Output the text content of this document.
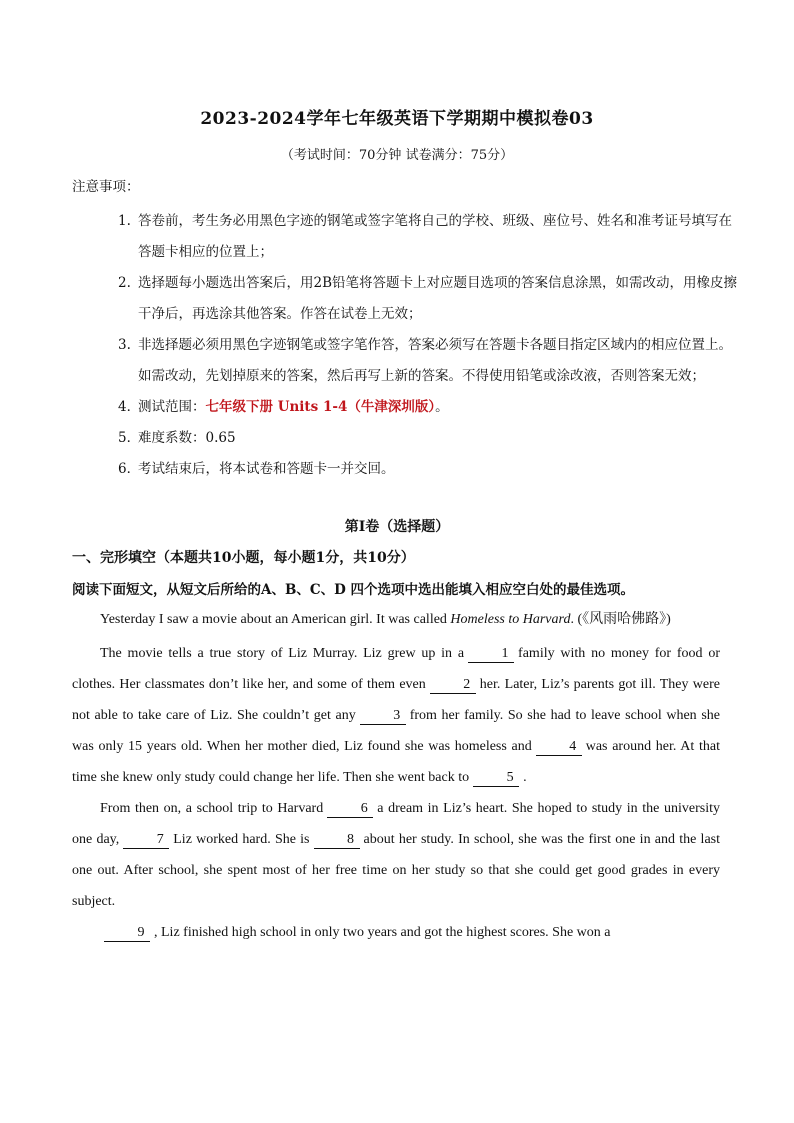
2023-2024学年七年级英语下学期期中模拟卷03
（考试时间：70分钟 试卷满分：75分）
注意事项：
1. 答卷前，考生务必用黑色字迹的钢笔或签字笔将自己的学校、班级、座位号、姓名和准考证号填写在答题卡相应的位置上；
2. 选择题每小题选出答案后，用2B铅笔将答题卡上对应题目选项的答案信息涂黑，如需改动，用橡皮擦干净后，再选涂其他答案。作答在试卷上无效；
3. 非选择题必须用黑色字迹钢笔或签字笔作答，答案必须写在答题卡各题目指定区域内的相应位置上。如需改动，先划掉原来的答案，然后再写上新的答案。不得使用铅笔或涂改液，否则答案无效；
4．
测试范围：七年级下册 Units 1-4（牛津深圳版）。
5．
难度系数：0.65
6．
考试结束后，将本试卷和答题卡一并交回。
第I卷（选择题）
一、完形填空（本题共10小题，每小题1分，共10分）
阅读下面短文，从短文后所给的A、B、C、D 四个选项中选出能填入相应空白处的最佳选项。

Yesterday I saw a movie about an American girl. It was called Homeless to Harvard. (《风雨哈佛路》)

The movie tells a true story of Liz Murray. Liz grew up in a	1 family with no money for food or clothes. Her classmates don’t like her, and some of them even	2 her. Later, Liz’s parents got ill. They were not able to take care of Liz. She couldn’t get any	3 from her family. So she had to leave school when she was only 15 years old. When her mother died, Liz found she was homeless and	4 was around her. At that time she knew only study could change her life. Then she went back to	5 .

From then on, a school trip to Harvard	6 a dream in Liz’s heart. She hoped to study in the university one day,	7 Liz worked hard. She is	8 about her study. In school, she was the first one in and the last one out. After school, she spent most of her free time on her study so that she could get good grades in every subject.

9 , Liz finished high school in only two years and got the highest scores. She won a
